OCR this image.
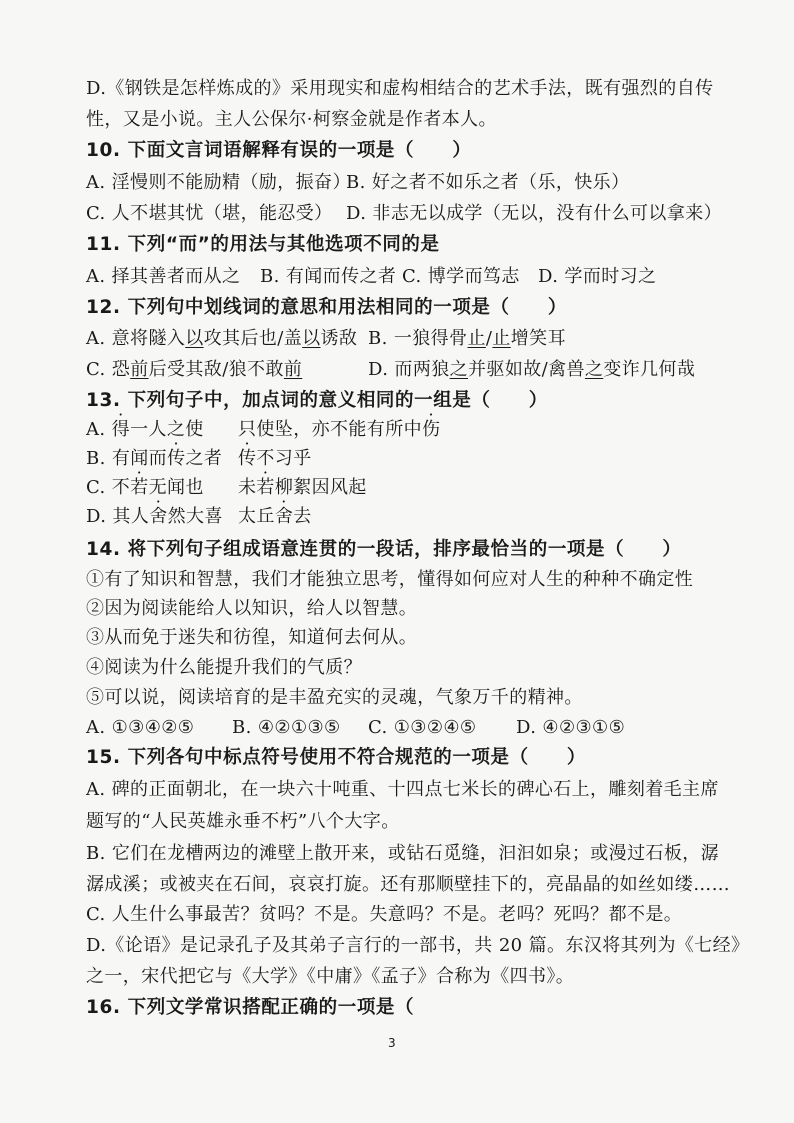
D.《钢铁是怎样炼成的》采用现实和虚构相结合的艺术手法，既有强烈的自传
性，又是小说。主人公保尔·柯察金就是作者本人。
10. 下面文言词语解释有误的一项是（　　）
A. 淫慢则不能励精（励，振奋）
B. 好之者不如乐之者（乐，快乐）
C. 人不堪其忧（堪，能忍受） D. 非志无以成学（无以，没有什么可以拿来）
11. 下列“而”的用法与其他选项不同的是
A. 择其善者而从之 B. 有闻而传之者 C. 博学而笃志 D. 学而时习之
12. 下列句中划线词的意思和用法相同的一项是（　　）
A. 意将隧入以攻其后也/盖以诱敌 B. 一狼得骨止/止增笑耳
C. 恐前后受其敌/狼不敢前	D. 而两狼之并驱如故/禽兽之变诈几何哉
13. 下列句子中，加点词的意义相同的一组是（　　）
A. 得一人之使 只使坠，亦不能有所中伤
B. 有闻而传之者 传不习乎
C. 不若无闻也 未若柳絮因风起
D. 其人舍然大喜 太丘舍去
14. 将下列句子组成语意连贯的一段话，排序最恰当的一项是（　　）
①有了知识和智慧，我们才能独立思考，懂得如何应对人生的种种不确定性
②因为阅读能给人以知识，给人以智慧。
③从而免于迷失和彷徨，知道何去何从。
④阅读为什么能提升我们的气质？
⑤可以说，阅读培育的是丰盈充实的灵魂，气象万千的精神。
A. ①③④②⑤ B. ④②①③⑤ C. ①③②④⑤ D. ④②③①⑤
15. 下列各句中标点符号使用不符合规范的一项是（　　）
A. 碑的正面朝北，在一块六十吨重、十四点七米长的碑心石上，雕刻着毛主席
题写的“人民英雄永垂不朽”八个大字。
B. 它们在龙槽两边的滩壁上散开来，或钻石觅缝，汩汩如泉；或漫过石板，潺
潺成溪；或被夹在石间，哀哀打旋。还有那顺壁挂下的，亮晶晶的如丝如缕……
C. 人生什么事最苦？贫吗？不是。失意吗？不是。老吗？死吗？都不是。
D.《论语》是记录孔子及其弟子言行的一部书，共 20 篇。东汉将其列为《七经》
之一，宋代把它与《大学》《中庸》《孟子》合称为《四书》。
16. 下列文学常识搭配正确的一项是（
3
